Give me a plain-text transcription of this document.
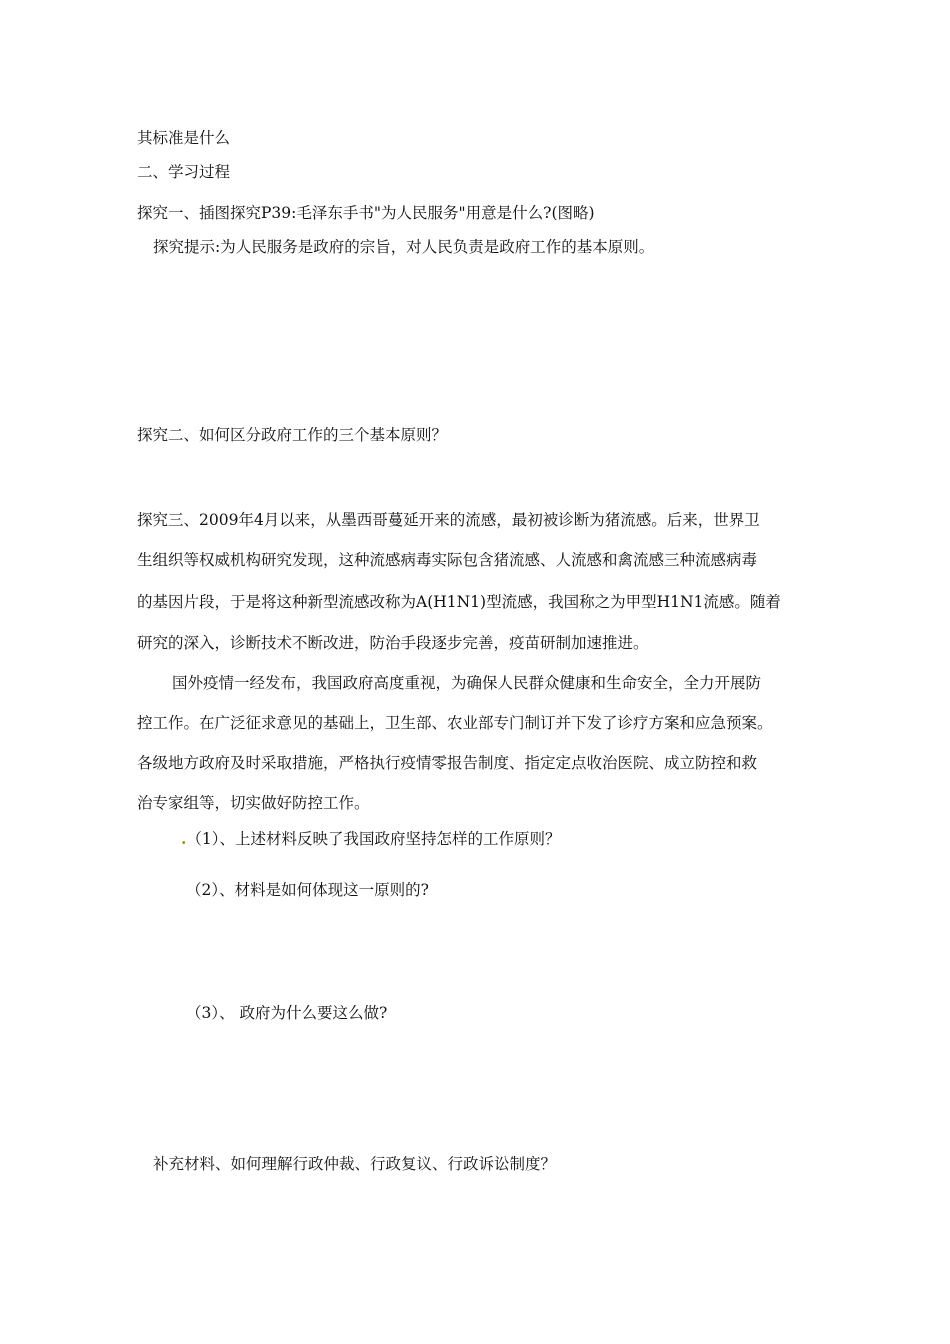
其标准是什么
二、学习过程
探究一、插图探究P39:毛泽东手书"为人民服务"用意是什么?(图略)
探究提示:为人民服务是政府的宗旨，对人民负责是政府工作的基本原则。
探究二、如何区分政府工作的三个基本原则？
探究三、2009年4月以来，从墨西哥蔓延开来的流感，最初被诊断为猪流感。后来，世界卫
生组织等权威机构研究发现，这种流感病毒实际包含猪流感、人流感和禽流感三种流感病毒
的基因片段，于是将这种新型流感改称为A(H1N1)型流感，我国称之为甲型H1N1流感。随着
研究的深入，诊断技术不断改进，防治手段逐步完善，疫苗研制加速推进。
国外疫情一经发布，我国政府高度重视，为确保人民群众健康和生命安全，全力开展防
控工作。在广泛征求意见的基础上，卫生部、农业部专门制订并下发了诊疗方案和应急预案。
各级地方政府及时采取措施，严格执行疫情零报告制度、指定定点收治医院、成立防控和救
治专家组等，切实做好防控工作。
.（1）、上述材料反映了我国政府坚持怎样的工作原则？
（2）、材料是如何体现这一原则的?
（3）、 政府为什么要这么做?
补充材料、如何理解行政仲裁、行政复议、行政诉讼制度？
